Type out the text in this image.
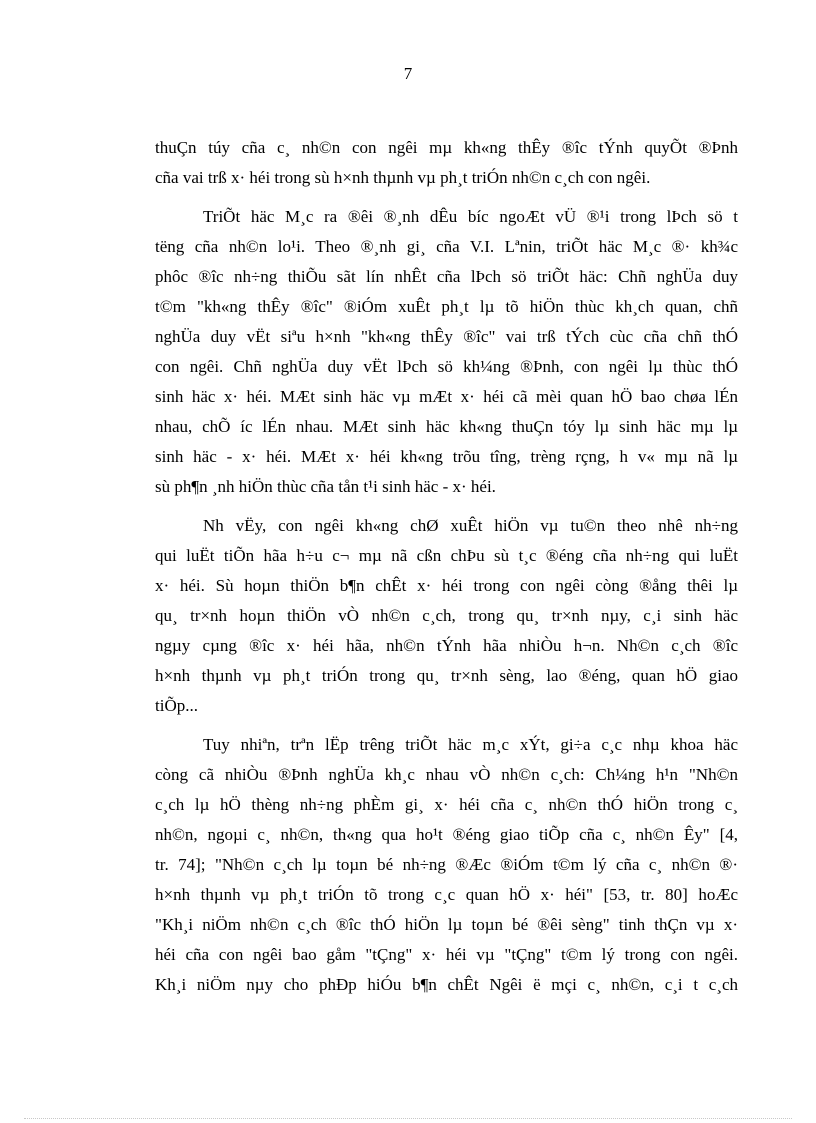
7
thuÇn túy cña c¸ nh©n con ngêi mµ kh«ng thÊy ®îc tÝnh quyÕt ®Þnh
cña vai trß x· héi trong sù h×nh thµnh vµ ph¸t triÓn nh©n c¸ch con ngêi.
TriÕt häc M¸c ra ®êi ®¸nh dÊu bíc ngoÆt vÜ ®¹i trong lÞch sö t
tëng cña nh©n lo¹i. Theo ®¸nh gi¸ cña V.I. Lªnin, triÕt häc M¸c ®· kh¾c
phôc ®îc nh÷ng thiÕu sãt lín nhÊt cña lÞch sö triÕt häc: Chñ nghÜa duy
t©m "kh«ng thÊy ®îc" ®iÓm xuÊt ph¸t lµ tõ hiÖn thùc kh¸ch quan, chñ
nghÜa duy vËt siªu h×nh "kh«ng thÊy ®îc" vai trß tÝch cùc cña chñ thÓ
con ngêi. Chñ nghÜa duy vËt lÞch sö kh¼ng ®Þnh, con ngêi lµ thùc thÓ
sinh häc x· héi. MÆt sinh häc vµ mÆt x· héi cã mèi quan hÖ bao chøa lÉn
nhau, chÕ íc lÉn nhau. MÆt sinh häc kh«ng thuÇn tóy lµ sinh häc mµ lµ
sinh häc - x· héi. MÆt x· héi kh«ng trõu tîng, trèng rçng, h v« mµ nã lµ
sù ph¶n ¸nh hiÖn thùc cña tån t¹i sinh häc - x· héi.
Nh vËy, con ngêi kh«ng chØ xuÊt hiÖn vµ tu©n theo nhê nh÷ng
qui luËt tiÕn hãa h÷u c¬ mµ nã cßn chÞu sù t¸c ®éng cña nh÷ng qui luËt
x· héi. Sù hoµn thiÖn b¶n chÊt x· héi trong con ngêi còng ®ång thêi lµ
qu¸ tr×nh hoµn thiÖn vÒ nh©n c¸ch, trong qu¸ tr×nh nµy, c¸i sinh häc
ngµy cµng ®îc x· héi hãa, nh©n tÝnh hãa nhiÒu h¬n. Nh©n c¸ch ®îc
h×nh thµnh vµ ph¸t triÓn trong qu¸ tr×nh sèng, lao ®éng, quan hÖ giao
tiÕp...
Tuy nhiªn, trªn lËp trêng triÕt häc m¸c xÝt, gi÷a c¸c nhµ khoa häc
còng cã nhiÒu ®Þnh nghÜa kh¸c nhau vÒ nh©n c¸ch: Ch¼ng h¹n "Nh©n
c¸ch lµ hÖ thèng nh÷ng phÈm gi¸ x· héi cña c¸ nh©n thÓ hiÖn trong c¸
nh©n, ngoµi c¸ nh©n, th«ng qua ho¹t ®éng giao tiÕp cña c¸ nh©n Êy" [4,
tr. 74]; "Nh©n c¸ch lµ toµn bé nh÷ng ®Æc ®iÓm t©m lý cña c¸ nh©n ®·
h×nh thµnh vµ ph¸t triÓn tõ trong c¸c quan hÖ x· héi" [53, tr. 80] hoÆc
"Kh¸i niÖm nh©n c¸ch ®îc thÓ hiÖn lµ toµn bé ®êi sèng" tinh thÇn vµ x·
héi cña con ngêi bao gåm "tÇng" x· héi vµ "tÇng" t©m lý trong con ngêi.
Kh¸i niÖm nµy cho phÐp hiÓu b¶n chÊt Ngêi ë mçi c¸ nh©n, c¸i t c¸ch
